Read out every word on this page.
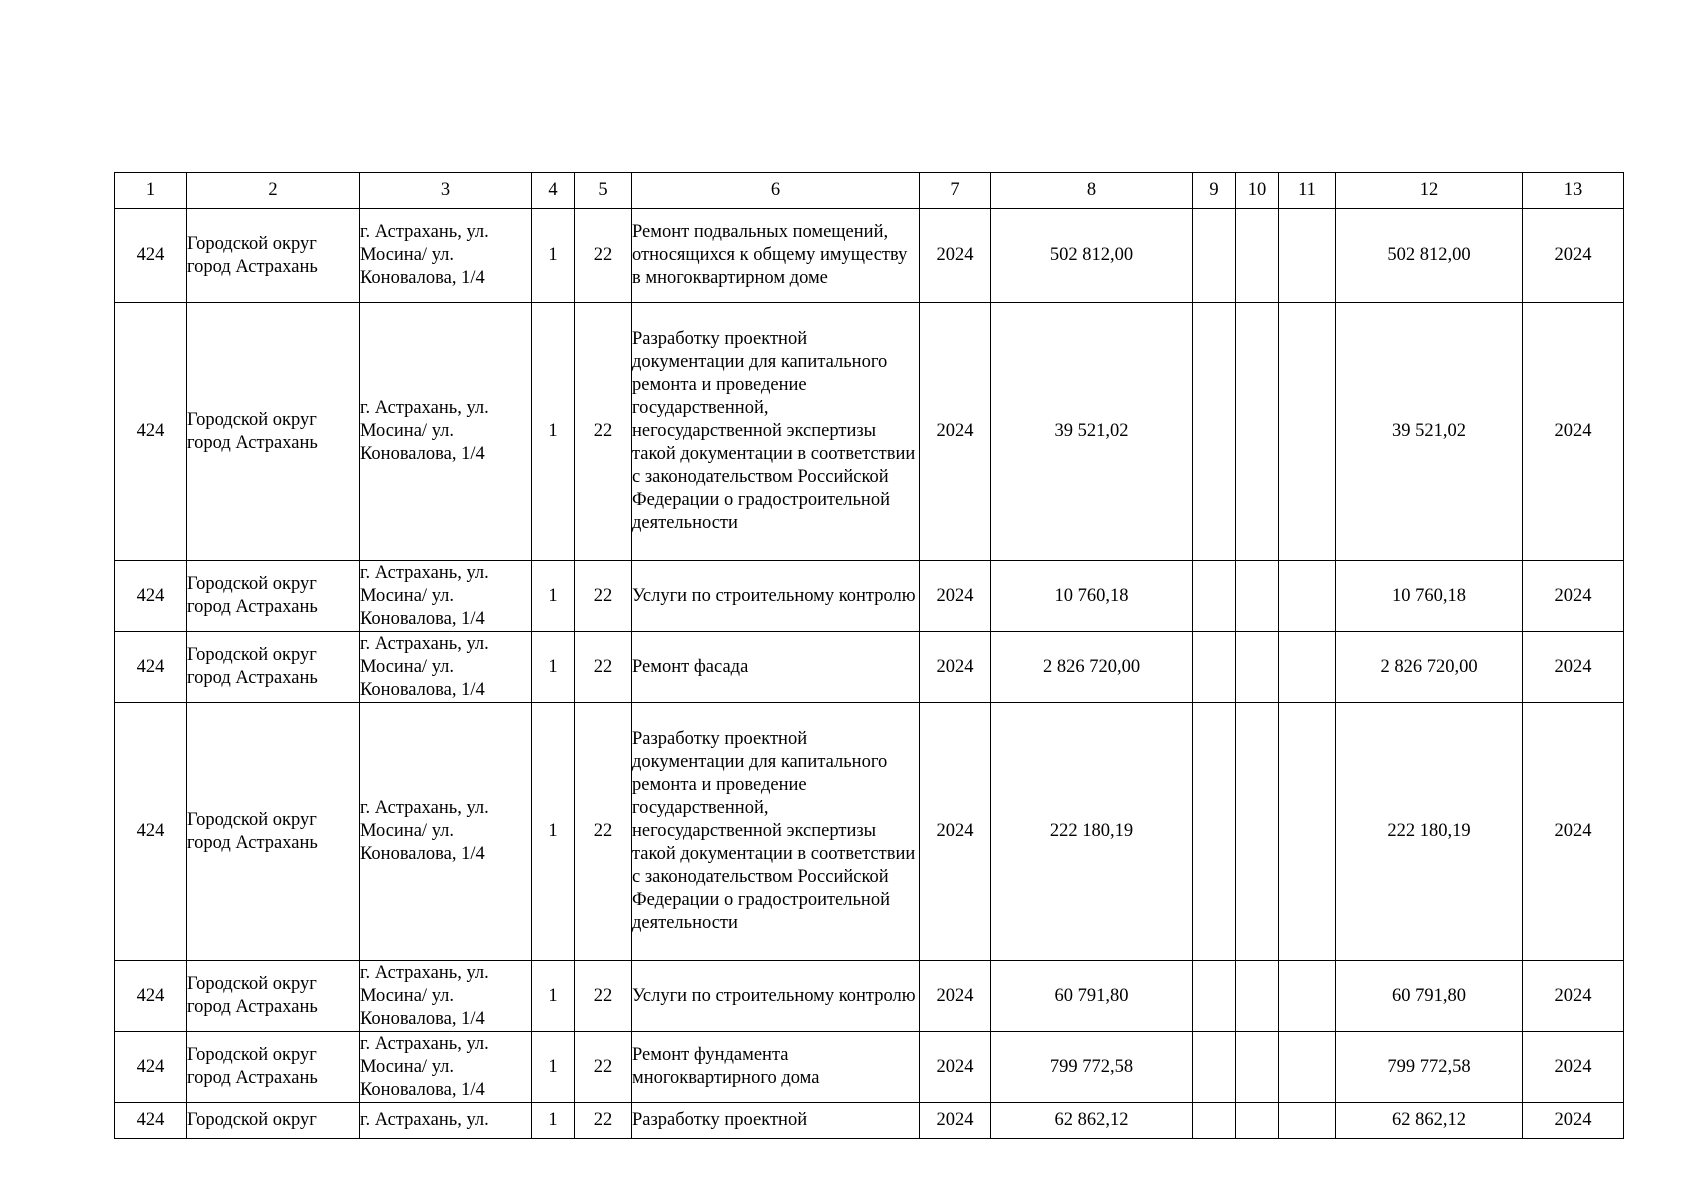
1	2	3	4	5	6	7	8	9	10	11	12	13
424	Городской округ город Астрахань	г. Астрахань, ул. Мосина/ ул. Коновалова, 1/4	1	22	Ремонт подвальных помещений, относящихся к общему имуществу в многоквартирном доме	2024	502 812,00				502 812,00	2024
424	Городской округ город Астрахань	г. Астрахань, ул. Мосина/ ул. Коновалова, 1/4	1	22	Разработку проектной документации для капитального ремонта и проведение государственной, негосударственной экспертизы такой документации в соответствии с законодательством Российской Федерации о градостроительной деятельности	2024	39 521,02				39 521,02	2024
424	Городской округ город Астрахань	г. Астрахань, ул. Мосина/ ул. Коновалова, 1/4	1	22	Услуги по строительному контролю	2024	10 760,18				10 760,18	2024
424	Городской округ город Астрахань	г. Астрахань, ул. Мосина/ ул. Коновалова, 1/4	1	22	Ремонт фасада	2024	2 826 720,00				2 826 720,00	2024
424	Городской округ город Астрахань	г. Астрахань, ул. Мосина/ ул. Коновалова, 1/4	1	22	Разработку проектной документации для капитального ремонта и проведение государственной, негосударственной экспертизы такой документации в соответствии с законодательством Российской Федерации о градостроительной деятельности	2024	222 180,19				222 180,19	2024
424	Городской округ город Астрахань	г. Астрахань, ул. Мосина/ ул. Коновалова, 1/4	1	22	Услуги по строительному контролю	2024	60 791,80				60 791,80	2024
424	Городской округ город Астрахань	г. Астрахань, ул. Мосина/ ул. Коновалова, 1/4	1	22	Ремонт фундамента многоквартирного дома	2024	799 772,58				799 772,58	2024
424	Городской округ	г. Астрахань, ул.	1	22	Разработку проектной	2024	62 862,12				62 862,12	2024
